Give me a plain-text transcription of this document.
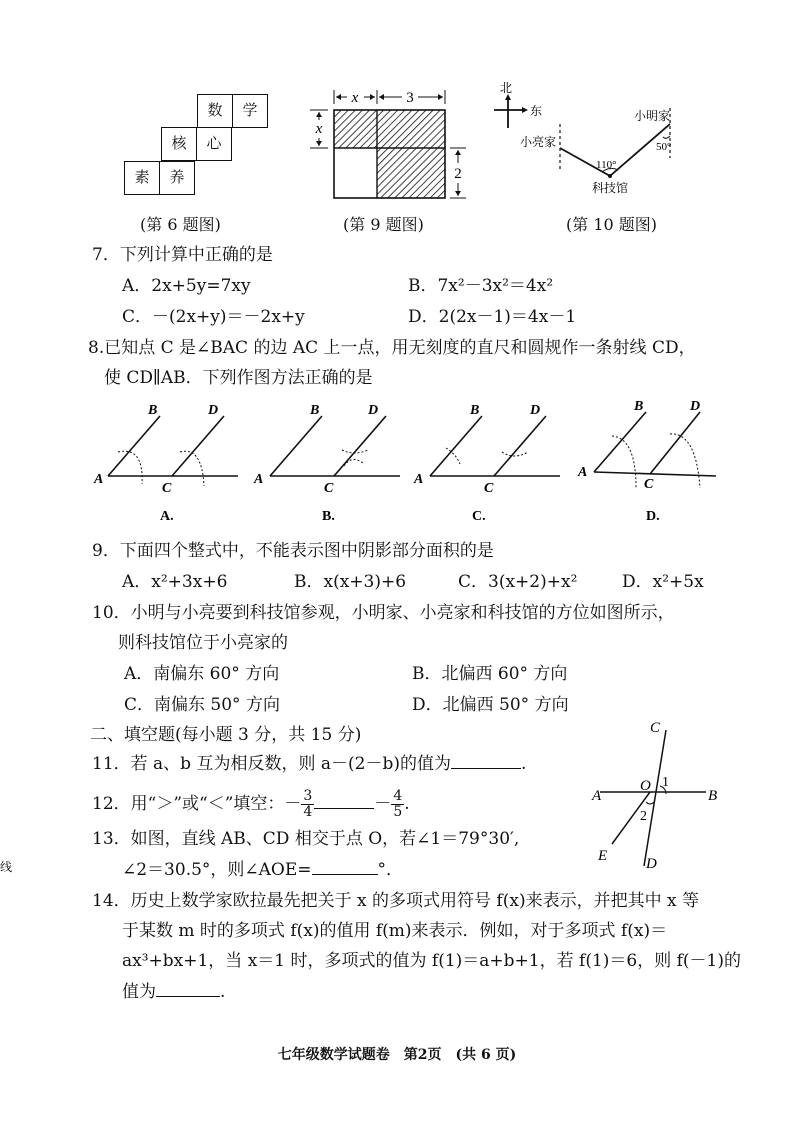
数	学
核	心
素	养
(第 6 题图)
x	3
x
2
(第 9 题图)
北
东
小亮家
小明家
科技馆
110°
50°
(第 10 题图)
7．下列计算中正确的是
A．2x+5y=7xy	B．7x²－3x²＝4x²
C．－(2x+y)＝－2x+y	D．2(2x－1)＝4x－1
8.已知点 C 是∠BAC 的边 AC 上一点，用无刻度的直尺和圆规作一条射线 CD，
使 CD∥AB．下列作图方法正确的是
A
B	D
C
A.
A
B	D
C
B.
A
B	D
C
C.
A
B	D
C
D.
9．下面四个整式中，不能表示图中阴影部分面积的是
A．x²+3x+6	B．x(x+3)+6	C．3(x+2)+x²	D．x²+5x
10．小明与小亮要到科技馆参观，小明家、小亮家和科技馆的方位如图所示，
则科技馆位于小亮家的
A．南偏东 60° 方向	B．北偏西 60° 方向
C．南偏东 50° 方向	D．北偏西 50° 方向
二、填空题(每小题 3 分，共 15 分)
11．若 a、b 互为相反数，则 a－(2－b)的值为	.
12．用“＞”或“＜”填空：－ $\frac{3}{4}$	－ $\frac{4}{5}$ .
13．如图，直线 AB、CD 相交于点 O，若∠1＝79°30′,
∠2＝30.5°，则∠AOE=	°．
C
O 1
A	B
2
E	D
14．历史上数学家欧拉最先把关于 x 的多项式用符号 f(x)来表示，并把其中 x 等
于某数 m 时的多项式 f(x)的值用 f(m)来表示．例如，对于多项式 f(x)＝
ax³+bx+1，当 x＝1 时，多项式的值为 f(1)＝a+b+1，若 f(1)＝6，则 f(－1)的
值为	.
七年级数学试题卷　第2页　(共 6 页)
线
